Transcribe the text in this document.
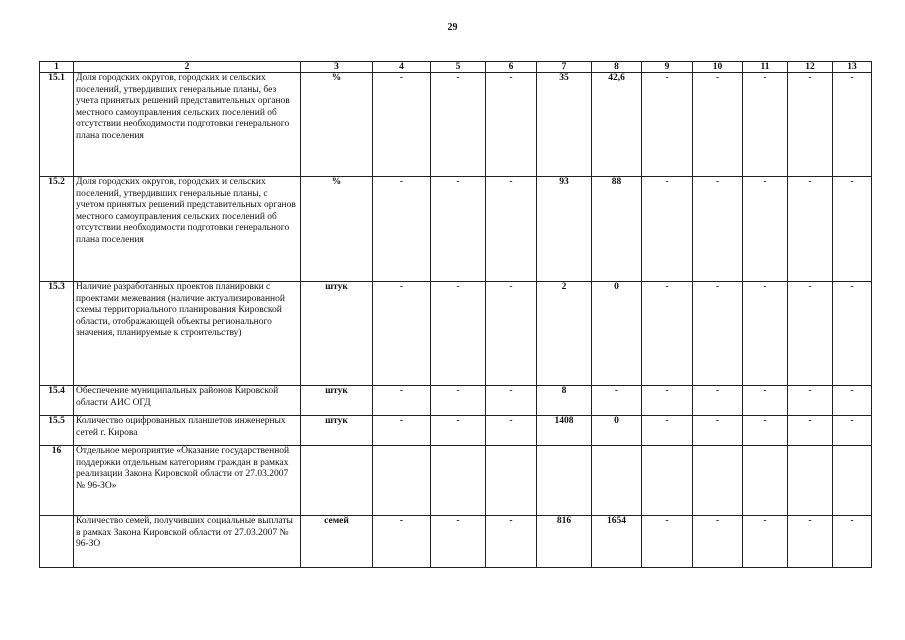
29
1	2	3	4	5	6	7	8	9	10	11	12	13
15.1	Доля городских округов, городских и сельских поселений, утвердивших генеральные планы, без учета принятых решений представительных органов местного самоуправления сельских поселений об отсутствии необходимости подготовки генерального плана поселения	%	-	-	-	35	42,6	-	-	-	-	-
15.2	Доля городских округов, городских и сельских поселений, утвердивших генеральные планы, с учетом принятых решений представительных органов местного самоуправления сельских поселений об отсутствии необходимости подготовки генерального плана поселения	%	-	-	-	93	88	-	-	-	-	-
15.3	Наличие разработанных проектов планировки с проектами межевания (наличие актуализированной схемы территориального планирования Кировской области, отображающей объекты регионального значения, планируемые к строительству)	штук	-	-	-	2	0	-	-	-	-	-
15.4	Обеспечение муниципальных районов Кировской области АИС ОГД	штук	-	-	-	8	-	-	-	-	-	-
15.5	Количество оцифрованных планшетов инженерных сетей г. Кирова	штук	-	-	-	1408	0	-	-	-	-	-
16	Отдельное мероприятие «Оказание государственной поддержки отдельным категориям граждан в рамках реализации Закона Кировской области от 27.03.2007 № 96-ЗО»											
	Количество семей, получивших социальные выплаты в рамках Закона Кировской области от 27.03.2007 № 96-ЗО	семей	-	-	-	816	1654	-	-	-	-	-
